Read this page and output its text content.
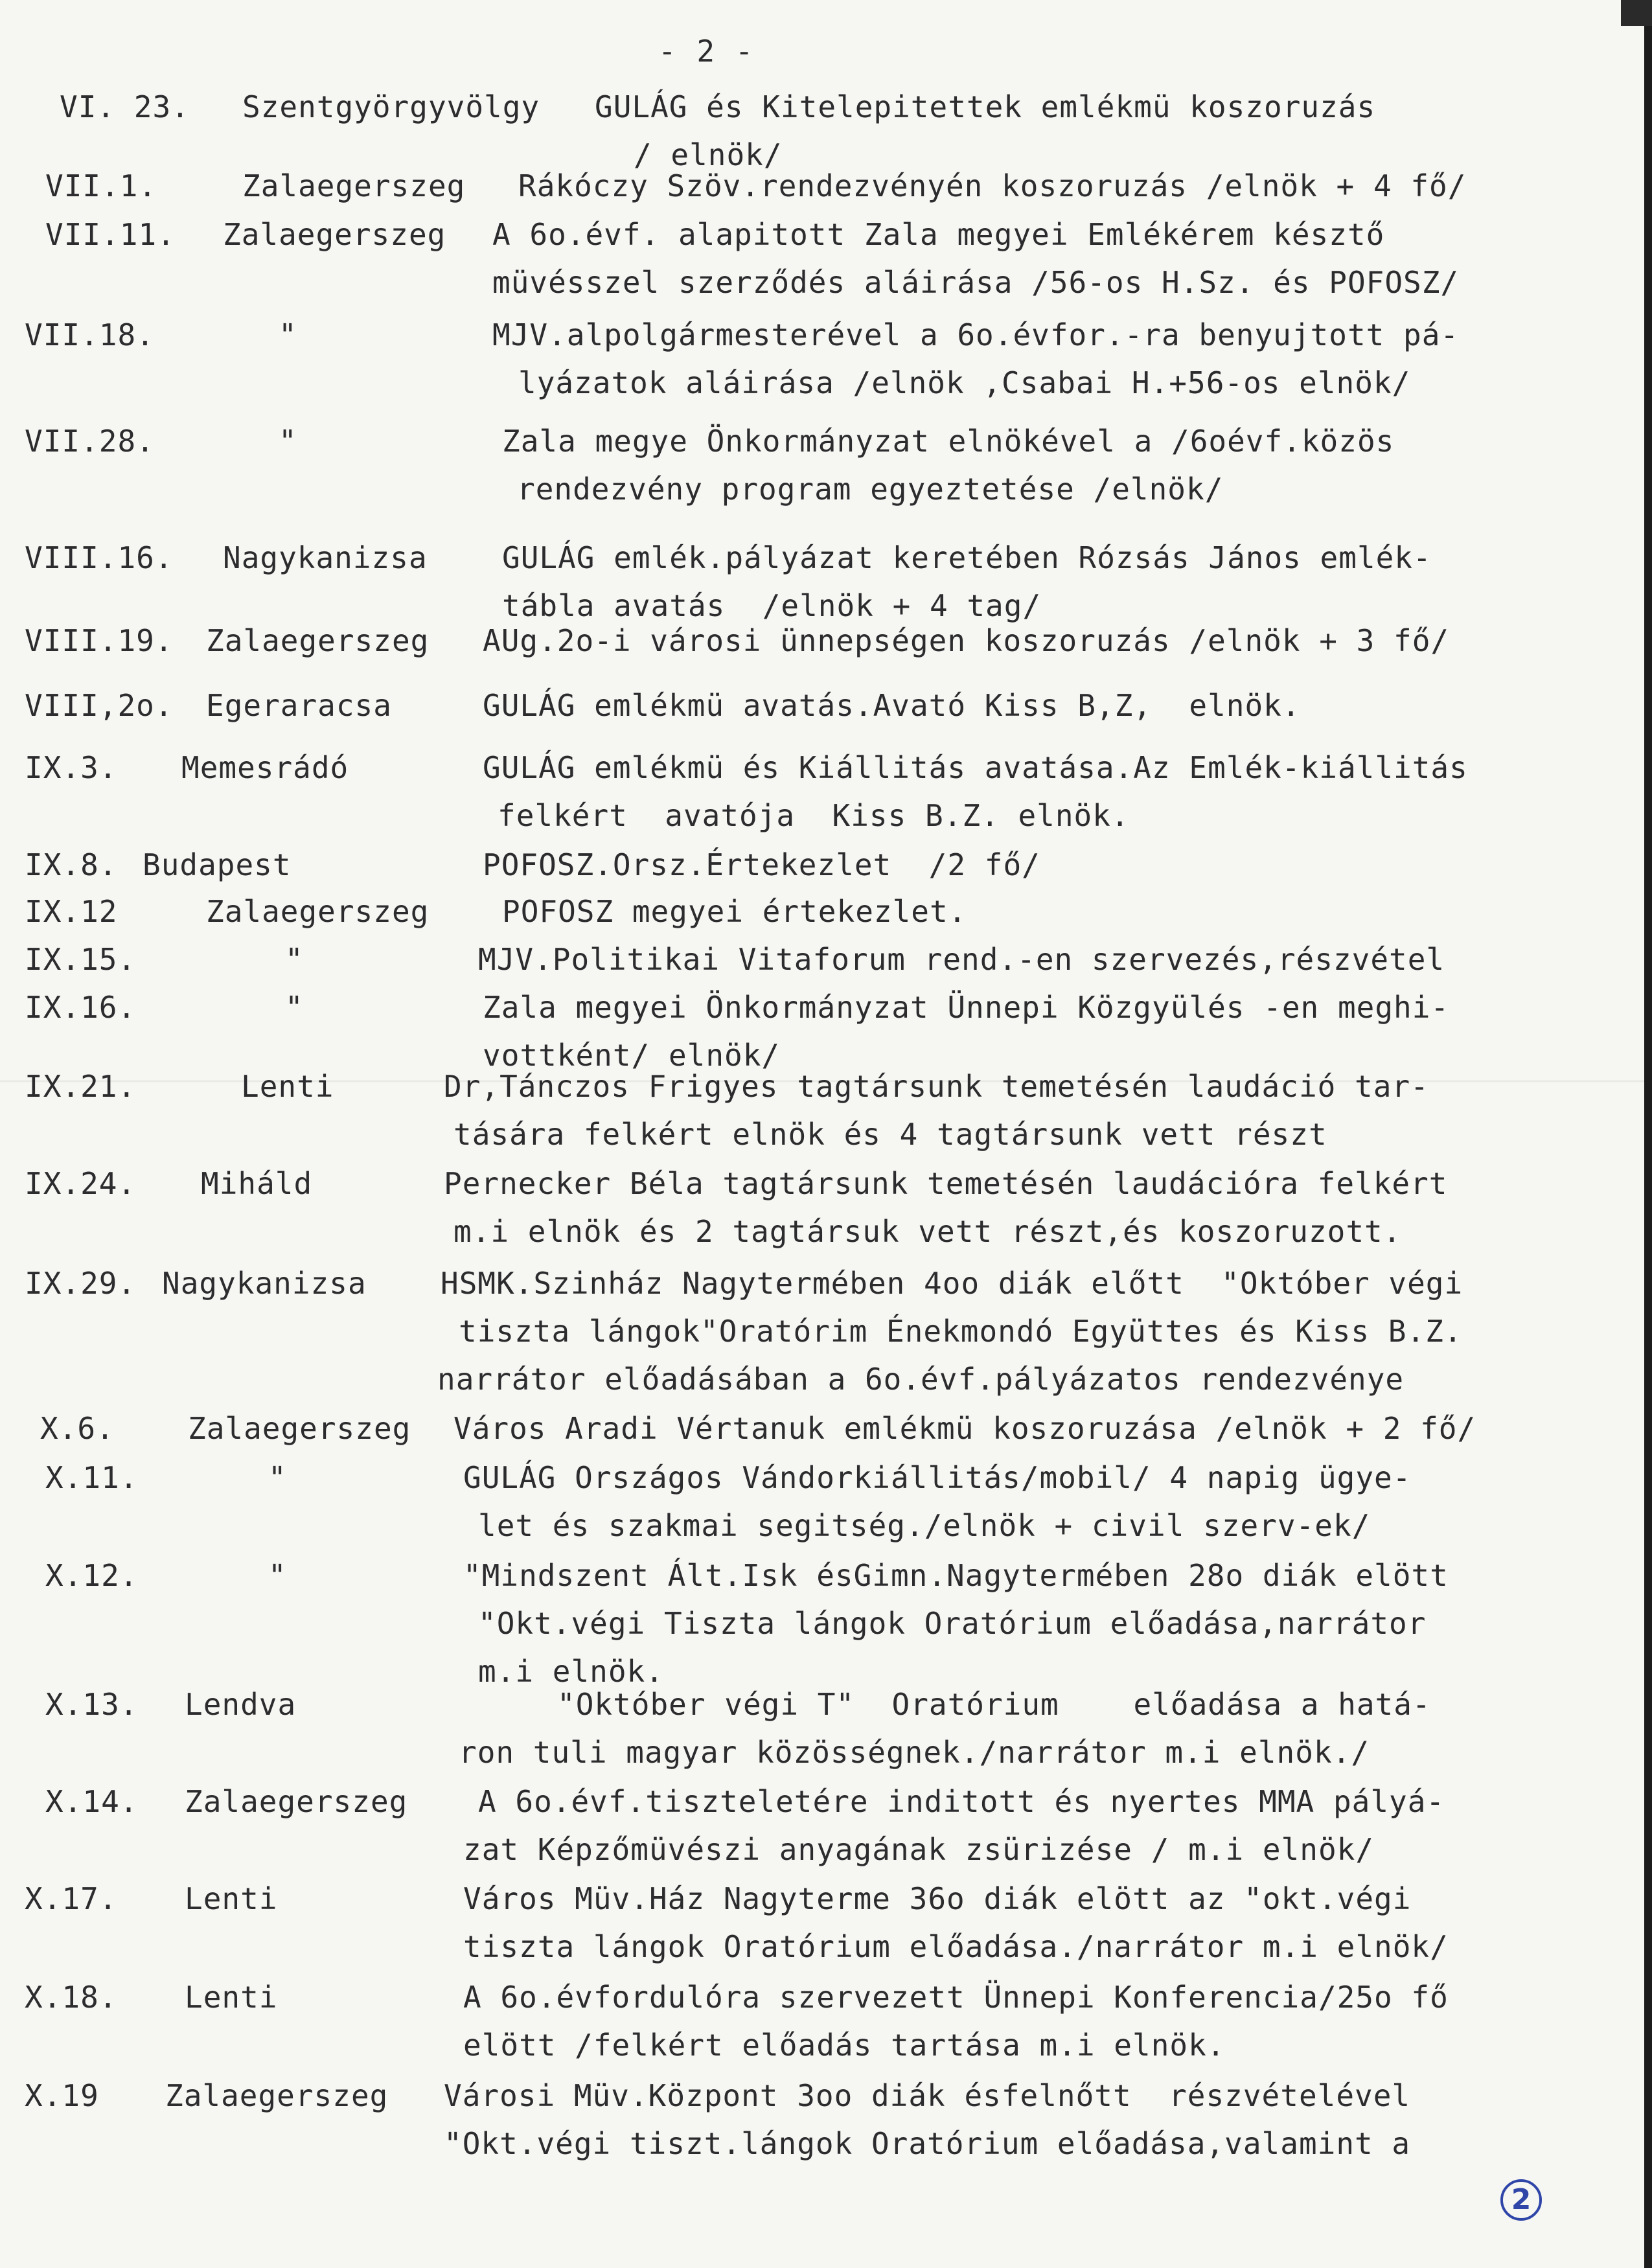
- 2 -
VI. 23. Szentgyörgyvölgy GULÁG és Kitelepitettek emlékmü koszoruzás
/ elnök/
VII.1.	Zalaegerszeg Rákóczy Szöv.rendezvényén koszoruzás /elnök + 4 fő/
VII.11. Zalaegerszeg A 6o.évf. alapitott Zala megyei Emlékérem késztő
müvésszel szerződés aláirása /56-os H.Sz. és POFOSZ/
VII.18.	"	MJV.alpolgármesterével a 6o.évfor.-ra benyujtott pá-
lyázatok aláirása /elnök ,Csabai H.+56-os elnök/
VII.28.	"	Zala megye Önkormányzat elnökével a /6oévf.közös
rendezvény program egyeztetése /elnök/
VIII.16. Nagykanizsa	GULÁG emlék.pályázat keretében Rózsás János emlék-
tábla avatás  /elnök + 4 tag/
VIII.19. Zalaegerszeg AUg.2o-i városi ünnepségen koszoruzás /elnök + 3 fő/
VIII,2o. Egeraracsa	GULÁG emlékmü avatás.Avató Kiss B,Z,  elnök.
IX.3. Memesrádó	GULÁG emlékmü és Kiállitás avatása.Az Emlék-kiállitás
felkért  avatója  Kiss B.Z. elnök.
IX.8. Budapest	POFOSZ.Orsz.Értekezlet  /2 fő/
IX.12	Zalaegerszeg POFOSZ megyei értekezlet.
IX.15.	"	MJV.Politikai Vitaforum rend.-en szervezés,részvétel
IX.16.	"	Zala megyei Önkormányzat Ünnepi Közgyülés -en meghi-
vottként/ elnök/
IX.21.	Lenti	Dr,Tánczos Frigyes tagtársunk temetésén laudáció tar-
tására felkért elnök és 4 tagtársunk vett részt
IX.24. Miháld	Pernecker Béla tagtársunk temetésén laudációra felkért
m.i elnök és 2 tagtársuk vett részt,és koszoruzott.
IX.29. Nagykanizsa HSMK.Szinház Nagytermében 4oo diák előtt  "Október végi
tiszta lángok"Oratórim Énekmondó Együttes és Kiss B.Z.
narrátor előadásában a 6o.évf.pályázatos rendezvénye
X.6. Zalaegerszeg Város Aradi Vértanuk emlékmü koszoruzása /elnök + 2 fő/
X.11.	"	GULÁG Országos Vándorkiállitás/mobil/ 4 napig ügye-
let és szakmai segitség./elnök + civil szerv-ek/
X.12.	"	"Mindszent Ált.Isk ésGimn.Nagytermében 28o diák elött
"Okt.végi Tiszta lángok Oratórium előadása,narrátor
m.i elnök.
X.13. Lendva	"Október végi T"  Oratórium    előadása a hatá-
ron tuli magyar közösségnek./narrátor m.i elnök./
X.14. Zalaegerszeg A 6o.évf.tiszteletére inditott és nyertes MMA pályá-
zat Képzőmüvészi anyagának zsürizése / m.i elnök/
X.17. Lenti	Város Müv.Ház Nagyterme 36o diák elött az "okt.végi
tiszta lángok Oratórium előadása./narrátor m.i elnök/
X.18. Lenti	A 6o.évfordulóra szervezett Ünnepi Konferencia/25o fő
elött /felkért előadás tartása m.i elnök.
X.19 Zalaegerszeg Városi Müv.Központ 3oo diák ésfelnőtt  részvételével
"Okt.végi tiszt.lángok Oratórium előadása,valamint a
2
